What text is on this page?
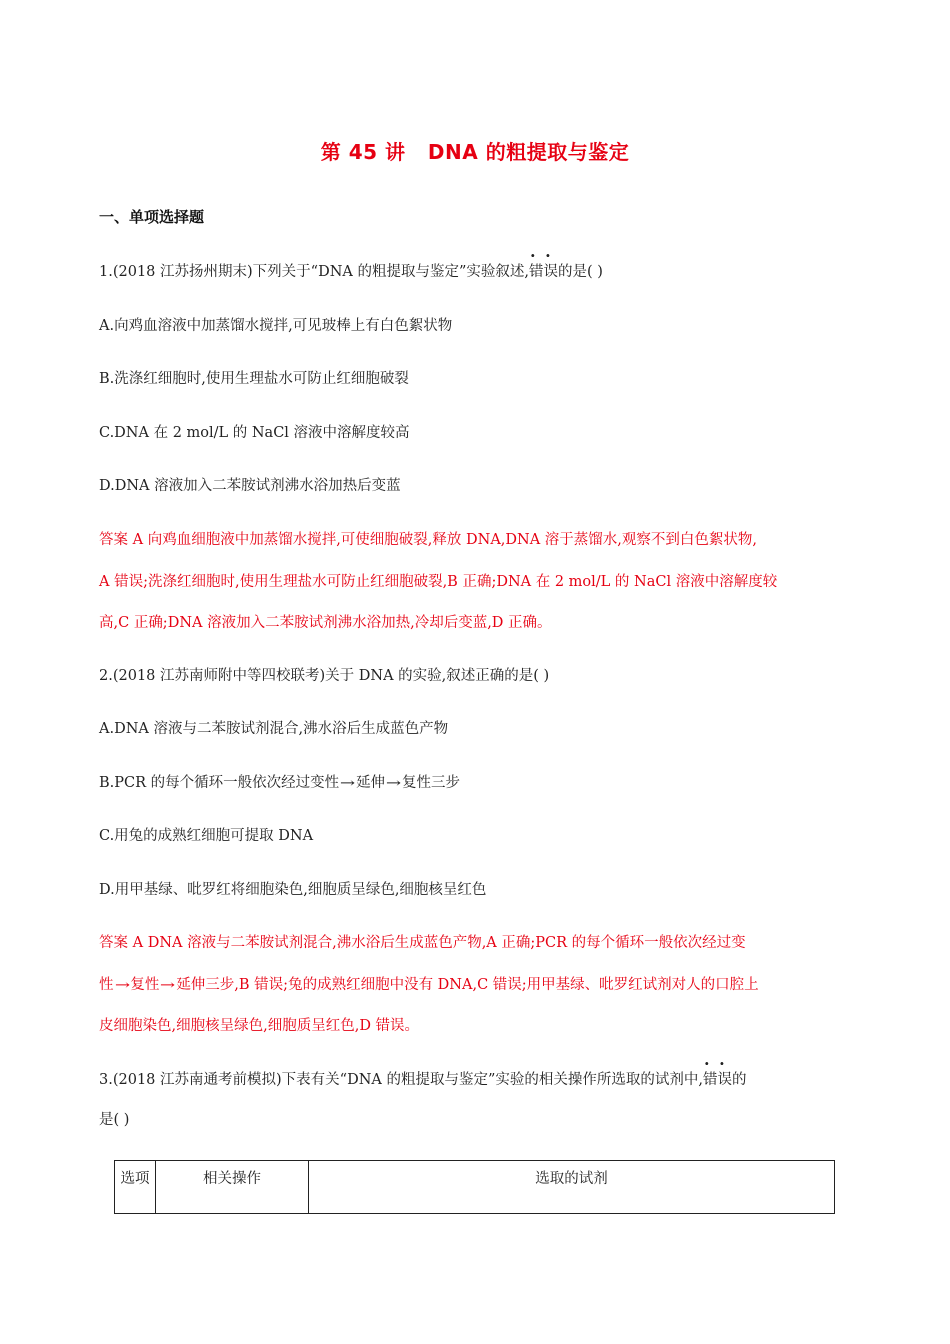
第 45 讲   DNA 的粗提取与鉴定
一、单项选择题
1.(2018 江苏扬州期末)下列关于“DNA 的粗提取与鉴定”实验叙述,· · 错误的是( )
A.向鸡血溶液中加蒸馏水搅拌,可见玻棒上有白色絮状物
B.洗涤红细胞时,使用生理盐水可防止红细胞破裂
C.DNA 在 2 mol/L 的 NaCl 溶液中溶解度较高
D.DNA 溶液加入二苯胺试剂沸水浴加热后变蓝
答案 A 向鸡血细胞液中加蒸馏水搅拌,可使细胞破裂,释放 DNA,DNA 溶于蒸馏水,观察不到白色絮状物,
A 错误;洗涤红细胞时,使用生理盐水可防止红细胞破裂,B 正确;DNA 在 2 mol/L 的 NaCl 溶液中溶解度较
高,C 正确;DNA 溶液加入二苯胺试剂沸水浴加热,冷却后变蓝,D 正确。
2.(2018 江苏南师附中等四校联考)关于 DNA 的实验,叙述正确的是( )
A.DNA 溶液与二苯胺试剂混合,沸水浴后生成蓝色产物
B.PCR 的每个循环一般依次经过变性→延伸→复性三步
C.用兔的成熟红细胞可提取 DNA
D.用甲基绿、吡罗红将细胞染色,细胞质呈绿色,细胞核呈红色
答案 A DNA 溶液与二苯胺试剂混合,沸水浴后生成蓝色产物,A 正确;PCR 的每个循环一般依次经过变
性→复性→延伸三步,B 错误;兔的成熟红细胞中没有 DNA,C 错误;用甲基绿、吡罗红试剂对人的口腔上
皮细胞染色,细胞核呈绿色,细胞质呈红色,D 错误。
3.(2018 江苏南通考前模拟)下表有关“DNA 的粗提取与鉴定”实验的相关操作所选取的试剂中,· · 错误的
是( )
选项	相关操作	选取的试剂
